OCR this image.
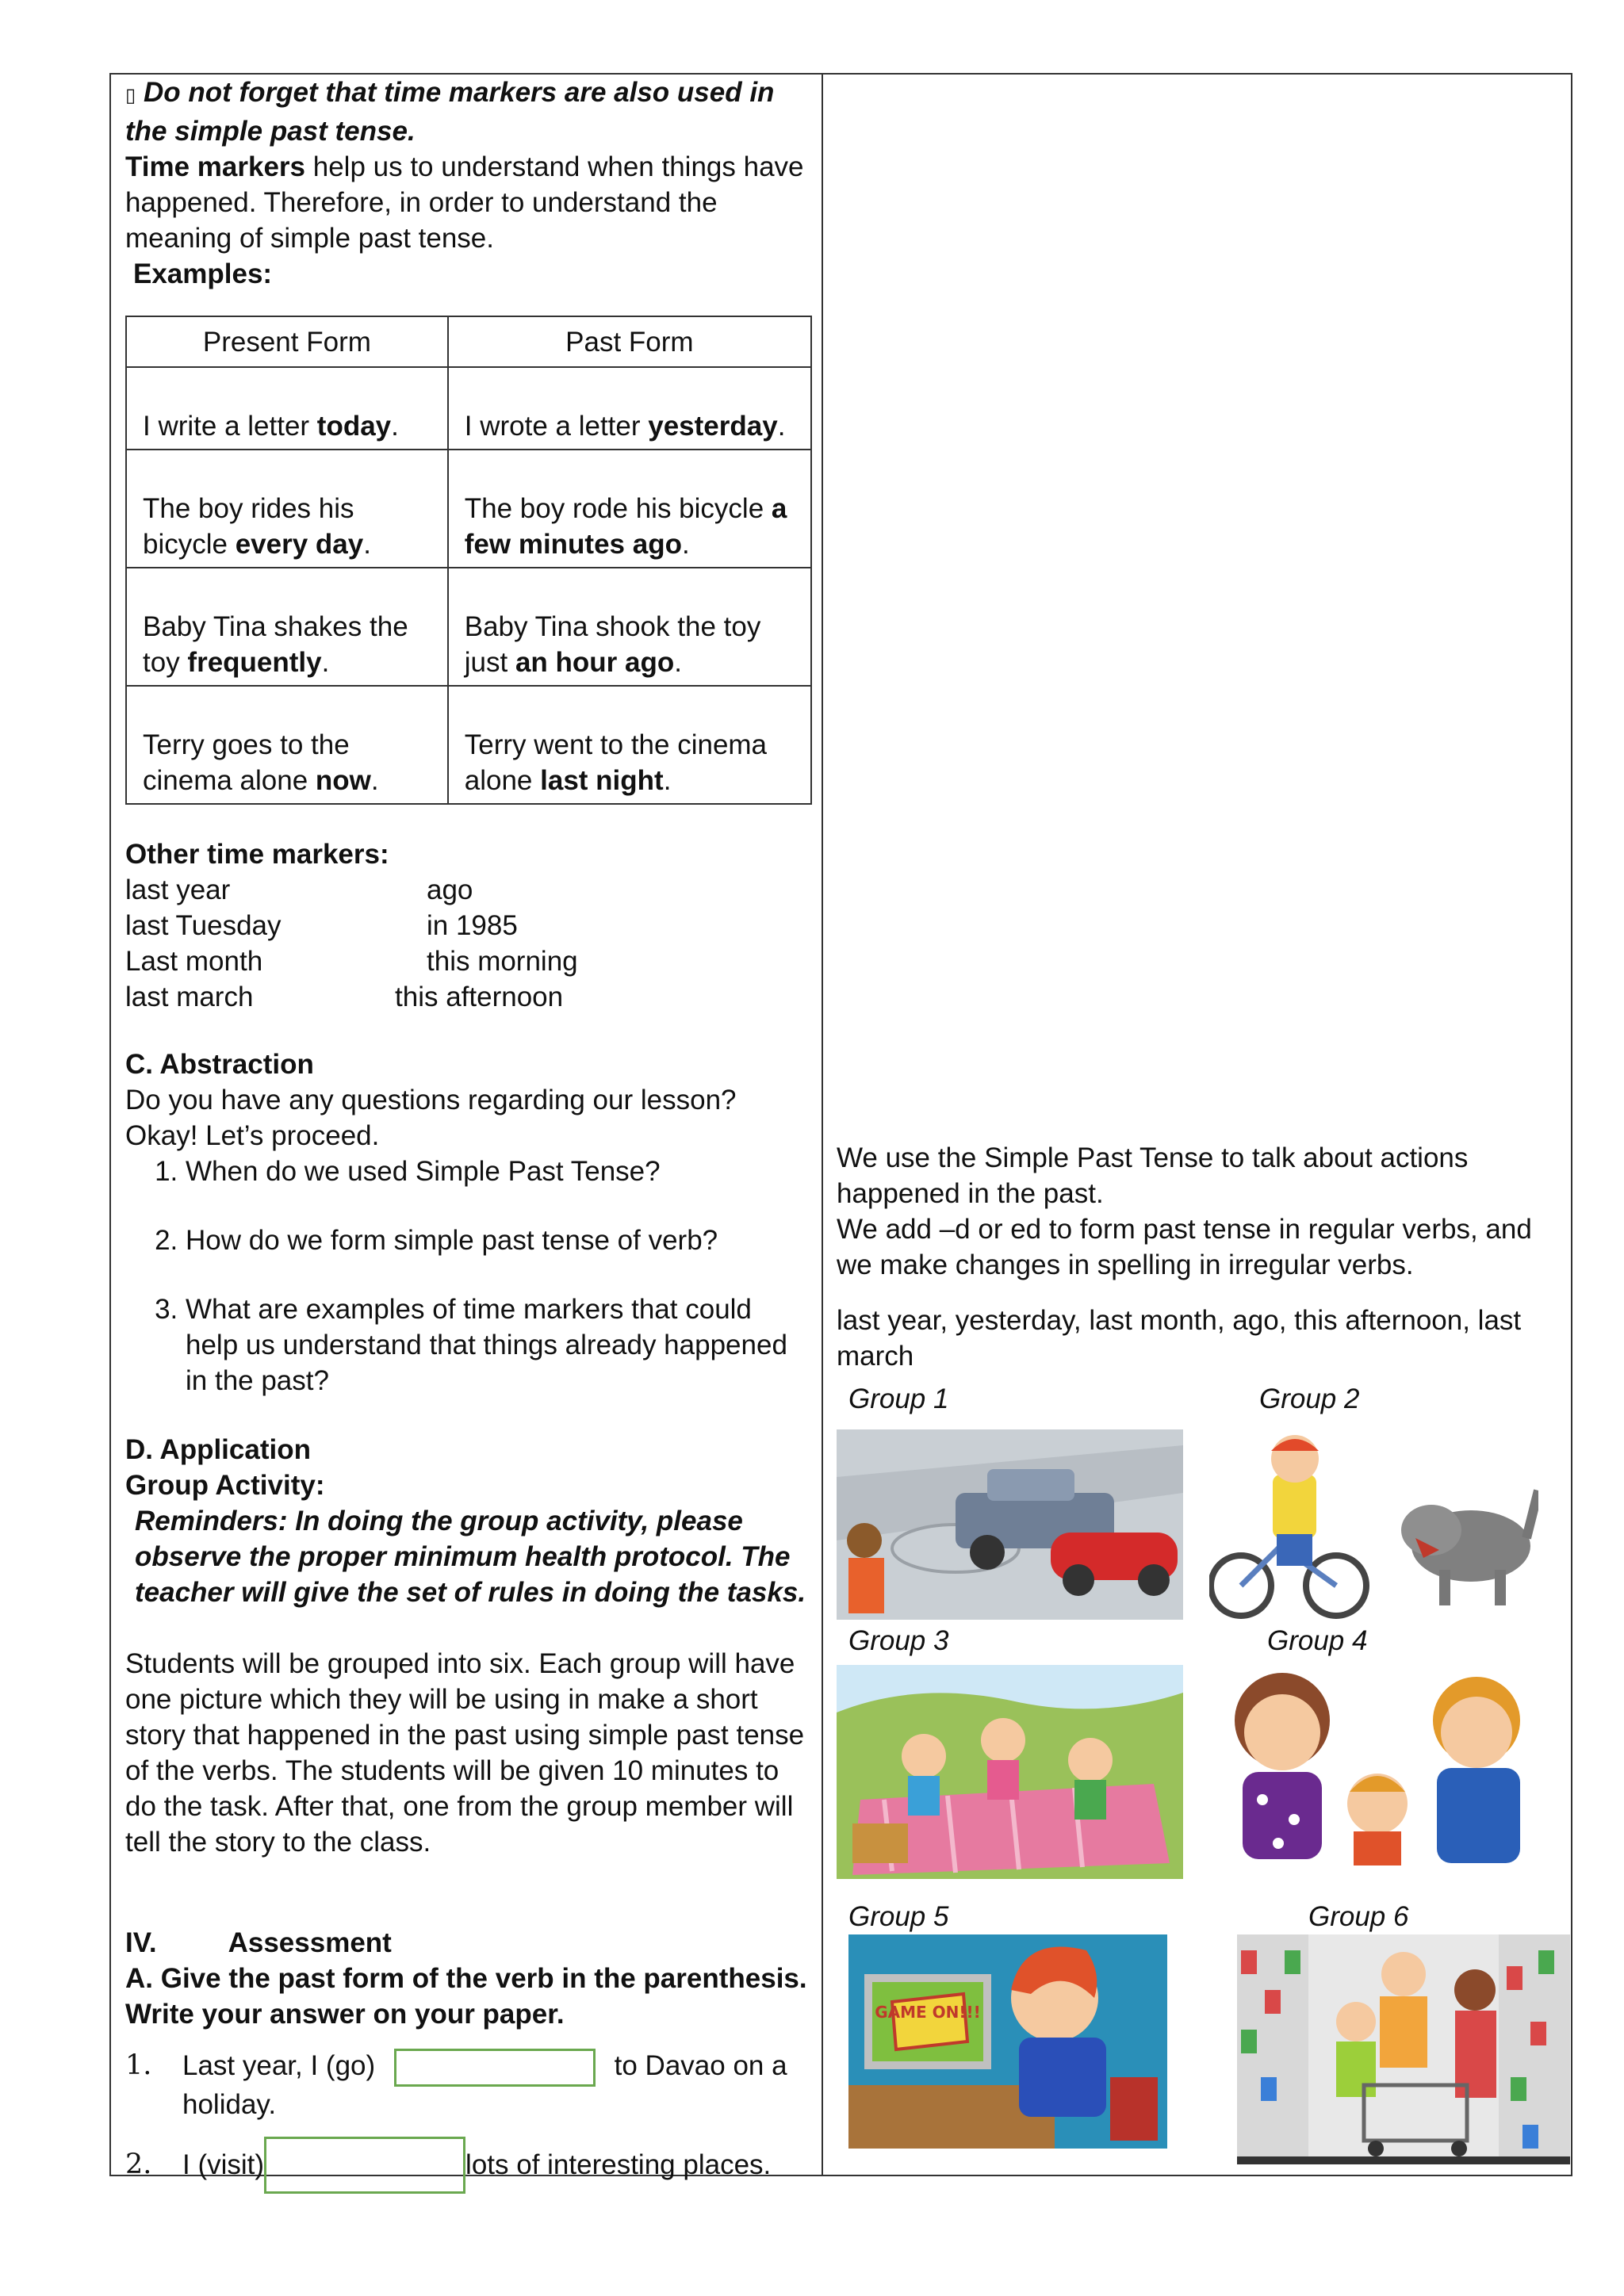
▯ Do not forget that time markers are also used in the simple past tense.

Time markers help us to understand when things have happened. Therefore, in order to understand the meaning of simple past tense.

Examples:

Present Form	Past Form
I write a letter today.	I wrote a letter yesterday.
The boy rides his bicycle every day.	The boy rode his bicycle a few minutes ago.
Baby Tina shakes the toy frequently.	Baby Tina shook the toy just an hour ago.
Terry goes to the cinema alone now.	Terry went to the cinema alone last night.

Other time markers:

last year	ago
last Tuesday	in 1985
Last month	this morning
last march	this afternoon

C. Abstraction

Do you have any questions regarding our lesson? Okay! Let’s proceed.

1. When do we used Simple Past Tense?
2. How do we form simple past tense of verb?
3. What are examples of time markers that could help us understand that things already happened in the past?

D. Application

Group Activity:

Reminders: In doing the group activity, please observe the proper minimum health protocol. The teacher will give the set of rules in doing the tasks.

Students will be grouped into six. Each group will have one picture which they will be using in make a short story that happened in the past using simple past tense of the verbs. The students will be given 10 minutes to do the task. After that, one from the group member will tell the story to the class.

IV.	Assessment

A. Give the past form of the verb in the parenthesis. Write your answer on your paper.

1.	Last year, I (go)	to Davao on a holiday.
2.	I (visit)	lots of interesting places.

We use the Simple Past Tense to talk about actions happened in the past.

We add –d or ed to form past tense in regular verbs, and we make changes in spelling in irregular verbs.

last year, yesterday, last month, ago, this afternoon, last march

Group 1	Group 2
Group 3	Group 4
Group 5	Group 6
GAME ON!!!
